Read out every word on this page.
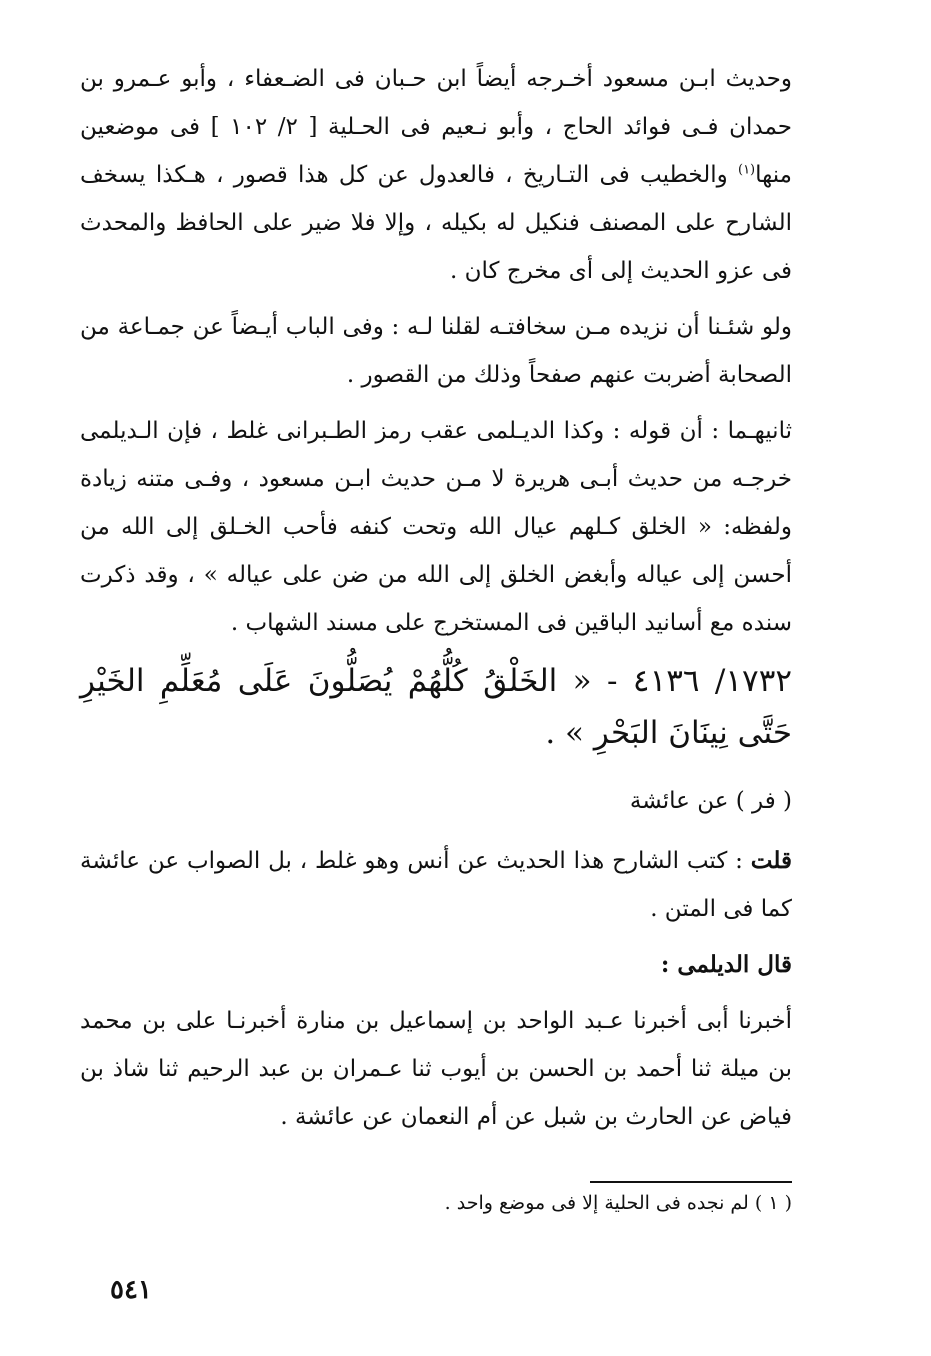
وحديث ابـن مسعود أخـرجه أيضاً ابن حـبان فى الضـعفاء ، وأبو عـمرو بن حمدان فـى فوائد الحاج ، وأبو نـعيم فى الحـلية [ ٢/ ١٠٢ ] فى موضعين منها$^{(١)}$ والخطيب فى التـاريخ ، فالعدول عن كل هذا قصور ، هـكذا يسخف الشارح على المصنف فنكيل له بكيله ، وإلا فلا ضير على الحافظ والمحدث فى عزو الحديث إلى أى مخرج كان .

ولو شئـنا أن نزيده مـن سخافتـه لقلنا لـه : وفى الباب أيـضاً عن جمـاعة من الصحابة أضربت عنهم صفحاً وذلك من القصور .

ثانيهـما : أن قوله : وكذا الديـلمى عقب رمز الطـبرانى غلط ، فإن الـديلمى خرجـه من حديث أبـى هريرة لا مـن حديث ابـن مسعود ، وفـى متنه زيادة ولفظه: « الخلق كـلهم عيال الله وتحت كنفه فأحب الخـلق إلى الله من أحسن إلى عياله وأبغض الخلق إلى الله من ضن على عياله » ، وقد ذكرت سنده مع أسانيد الباقين فى المستخرج على مسند الشهاب .

١٧٣٢/ ٤١٣٦ - « الخَلْقُ كُلُّهُمْ يُصَلُّونَ عَلَى مُعَلِّمِ الخَيْرِ حَتَّى نِينَانَ البَحْرِ » .

( فر ) عن عائشة

قلت : كتب الشارح هذا الحديث عن أنس وهو غلط ، بل الصواب عن عائشة كما فى المتن .

قال الديلمى :

أخبرنا أبى أخبرنا عـبد الواحد بن إسماعيل بن منارة أخبرنـا على بن محمد بن ميلة ثنا أحمد بن الحسن بن أيوب ثنا عـمران بن عبد الرحيم ثنا شاذ بن فياض عن الحارث بن شبل عن أم النعمان عن عائشة .

( ١ ) لم نجده فى الحلية إلا فى موضع واحد .
٥٤١
